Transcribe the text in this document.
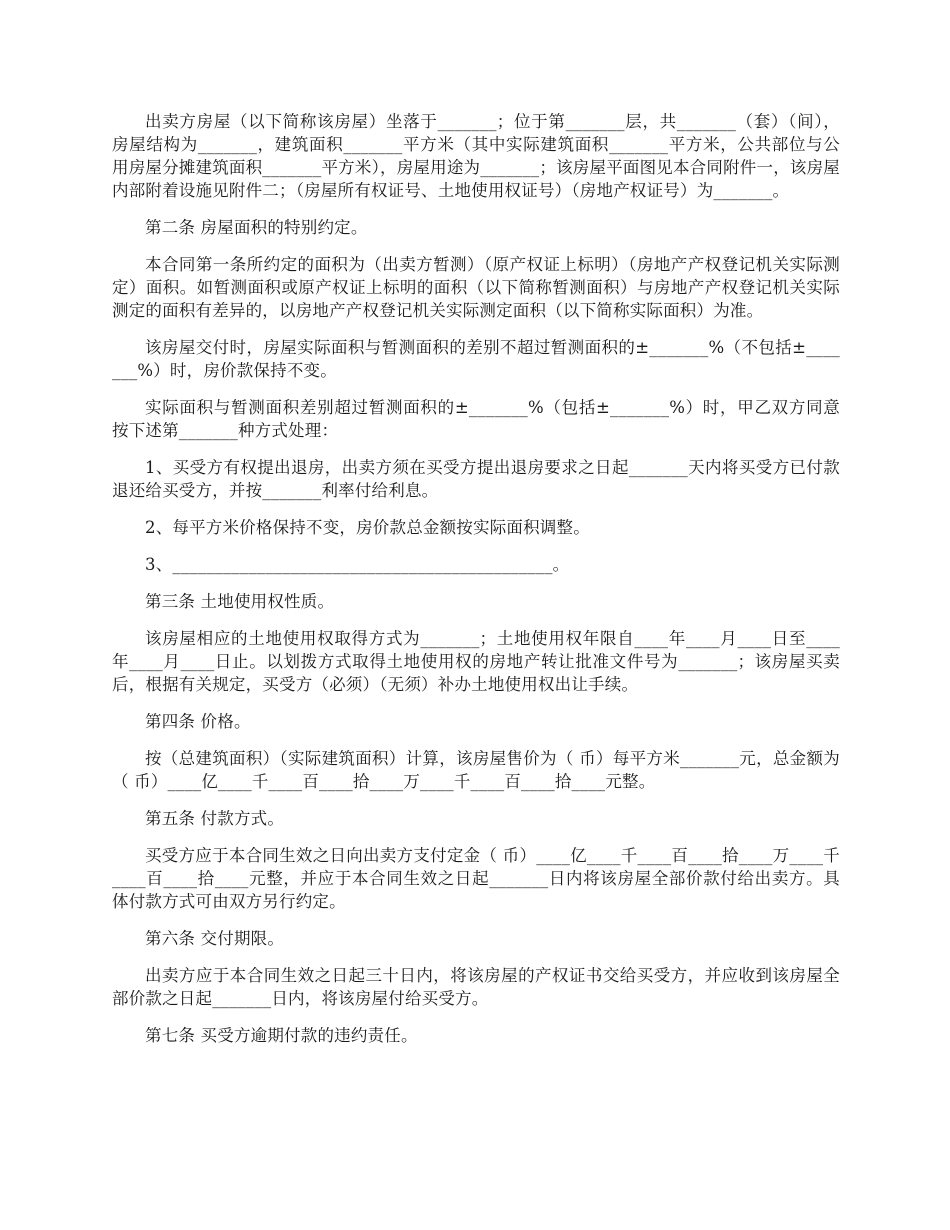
出卖方房屋（以下简称该房屋）坐落于_______；位于第_______层，共_______（套）（间），房屋结构为_______，建筑面积_______平方米（其中实际建筑面积_______平方米，公共部位与公用房屋分摊建筑面积_______平方米），房屋用途为_______；该房屋平面图见本合同附件一，该房屋内部附着设施见附件二；（房屋所有权证号、土地使用权证号）（房地产权证号）为_______。

第二条 房屋面积的特别约定。

本合同第一条所约定的面积为（出卖方暂测）（原产权证上标明）（房地产产权登记机关实际测定）面积。如暂测面积或原产权证上标明的面积（以下简称暂测面积）与房地产产权登记机关实际测定的面积有差异的，以房地产产权登记机关实际测定面积（以下简称实际面积）为准。

该房屋交付时，房屋实际面积与暂测面积的差别不超过暂测面积的±_______%（不包括±_______%）时，房价款保持不变。

实际面积与暂测面积差别超过暂测面积的±_______%（包括±_______%）时，甲乙双方同意按下述第_______种方式处理：

1、买受方有权提出退房，出卖方须在买受方提出退房要求之日起_______天内将买受方已付款退还给买受方，并按_______利率付给利息。

2、每平方米价格保持不变，房价款总金额按实际面积调整。

3、_____________________________________________。

第三条 土地使用权性质。

该房屋相应的土地使用权取得方式为_______；土地使用权年限自____年____月____日至____年____月____日止。以划拨方式取得土地使用权的房地产转让批准文件号为_______；该房屋买卖后，根据有关规定，买受方（必须）（无须）补办土地使用权出让手续。

第四条 价格。

按（总建筑面积）（实际建筑面积）计算，该房屋售价为（ 币）每平方米_______元，总金额为（ 币）____亿____千____百____拾____万____千____百____拾____元整。

第五条 付款方式。

买受方应于本合同生效之日向出卖方支付定金（ 币）____亿____千____百____拾____万____千____百____拾____元整，并应于本合同生效之日起_______日内将该房屋全部价款付给出卖方。具体付款方式可由双方另行约定。

第六条 交付期限。

出卖方应于本合同生效之日起三十日内，将该房屋的产权证书交给买受方，并应收到该房屋全部价款之日起_______日内，将该房屋付给买受方。

第七条 买受方逾期付款的违约责任。
